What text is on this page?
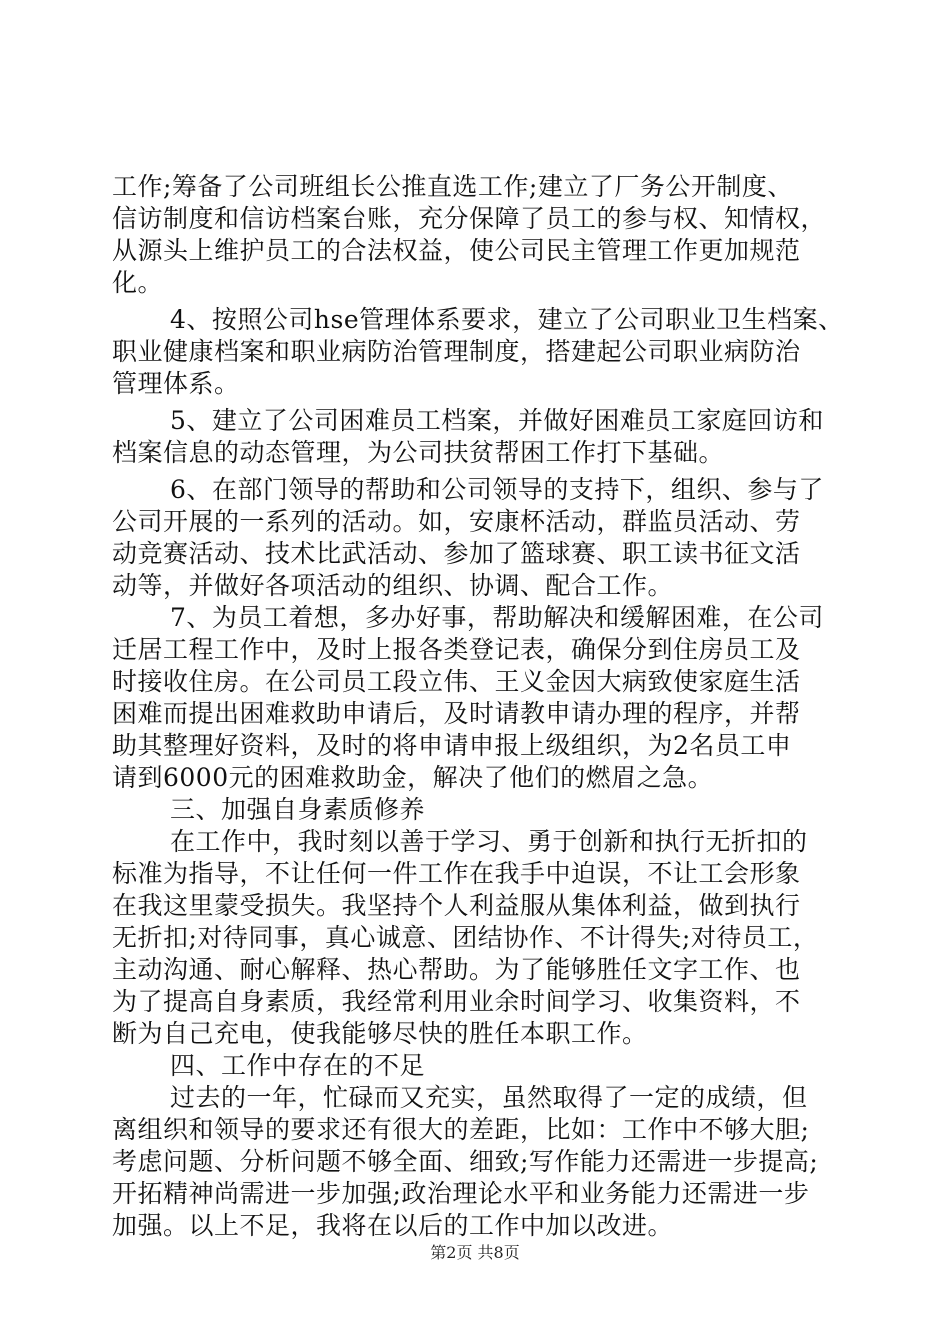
工作;筹备了公司班组长公推直选工作;建立了厂务公开制度、
信访制度和信访档案台账，充分保障了员工的参与权、知情权，
从源头上维护员工的合法权益，使公司民主管理工作更加规范
化。
4、按照公司hse管理体系要求，建立了公司职业卫生档案、
职业健康档案和职业病防治管理制度，搭建起公司职业病防治
管理体系。
5、建立了公司困难员工档案，并做好困难员工家庭回访和
档案信息的动态管理，为公司扶贫帮困工作打下基础。
6、在部门领导的帮助和公司领导的支持下，组织、参与了
公司开展的一系列的活动。如，安康杯活动，群监员活动、劳
动竞赛活动、技术比武活动、参加了篮球赛、职工读书征文活
动等，并做好各项活动的组织、协调、配合工作。
7、为员工着想，多办好事，帮助解决和缓解困难，在公司
迁居工程工作中，及时上报各类登记表，确保分到住房员工及
时接收住房。在公司员工段立伟、王义金因大病致使家庭生活
困难而提出困难救助申请后，及时请教申请办理的程序，并帮
助其整理好资料，及时的将申请申报上级组织，为2名员工申
请到6000元的困难救助金，解决了他们的燃眉之急。
三、加强自身素质修养
在工作中，我时刻以善于学习、勇于创新和执行无折扣的
标准为指导，不让任何一件工作在我手中迫误，不让工会形象
在我这里蒙受损失。我坚持个人利益服从集体利益，做到执行
无折扣;对待同事，真心诚意、团结协作、不计得失;对待员工，
主动沟通、耐心解释、热心帮助。为了能够胜任文字工作、也
为了提高自身素质，我经常利用业余时间学习、收集资料，不
断为自己充电，使我能够尽快的胜任本职工作。
四、工作中存在的不足
过去的一年，忙碌而又充实，虽然取得了一定的成绩，但
离组织和领导的要求还有很大的差距，比如：工作中不够大胆;
考虑问题、分析问题不够全面、细致;写作能力还需进一步提高;
开拓精神尚需进一步加强;政治理论水平和业务能力还需进一步
加强。以上不足，我将在以后的工作中加以改进。
第2页 共8页
